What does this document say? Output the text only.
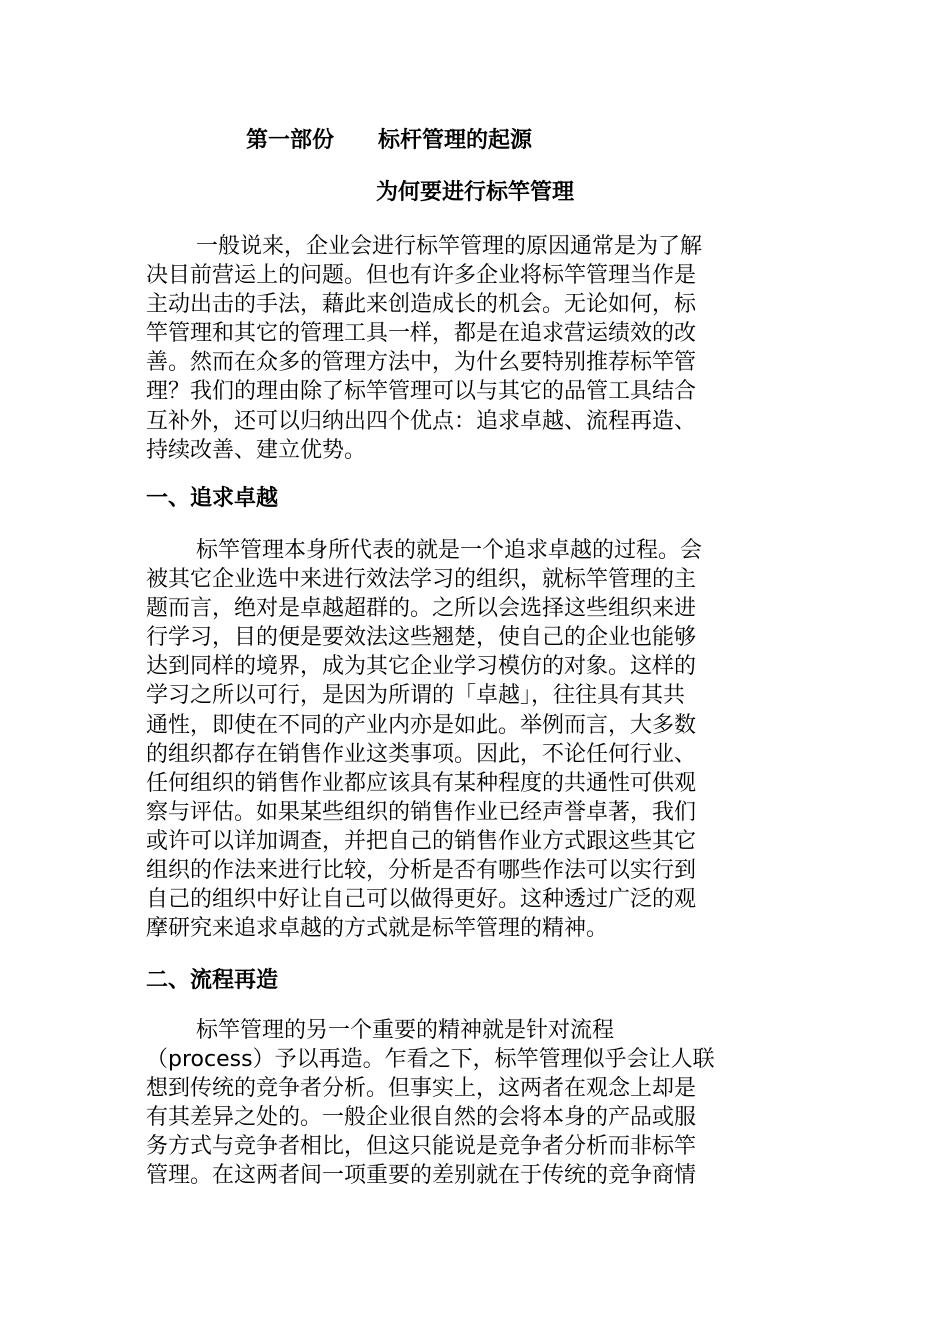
第一部份　　标杆管理的起源
为何要进行标竿管理
一般说来，企业会进行标竿管理的原因通常是为了解
决目前营运上的问题。但也有许多企业将标竿管理当作是
主动出击的手法，藉此来创造成长的机会。无论如何，标
竿管理和其它的管理工具一样，都是在追求营运绩效的改
善。然而在众多的管理方法中，为什幺要特别推荐标竿管
理？我们的理由除了标竿管理可以与其它的品管工具结合
互补外，还可以归纳出四个优点：追求卓越、流程再造、
持续改善、建立优势。
一、追求卓越
标竿管理本身所代表的就是一个追求卓越的过程。会
被其它企业选中来进行效法学习的组织，就标竿管理的主
题而言，绝对是卓越超群的。之所以会选择这些组织来进
行学习，目的便是要效法这些翘楚，使自己的企业也能够
达到同样的境界，成为其它企业学习模仿的对象。这样的
学习之所以可行，是因为所谓的「卓越」，往往具有其共
通性，即使在不同的产业内亦是如此。举例而言，大多数
的组织都存在销售作业这类事项。因此，不论任何行业、
任何组织的销售作业都应该具有某种程度的共通性可供观
察与评估。如果某些组织的销售作业已经声誉卓著，我们
或许可以详加调查，并把自己的销售作业方式跟这些其它
组织的作法来进行比较，分析是否有哪些作法可以实行到
自己的组织中好让自己可以做得更好。这种透过广泛的观
摩研究来追求卓越的方式就是标竿管理的精神。
二、流程再造
标竿管理的另一个重要的精神就是针对流程
（process）予以再造。乍看之下，标竿管理似乎会让人联
想到传统的竞争者分析。但事实上，这两者在观念上却是
有其差异之处的。一般企业很自然的会将本身的产品或服
务方式与竞争者相比，但这只能说是竞争者分析而非标竿
管理。在这两者间一项重要的差别就在于传统的竞争商情
